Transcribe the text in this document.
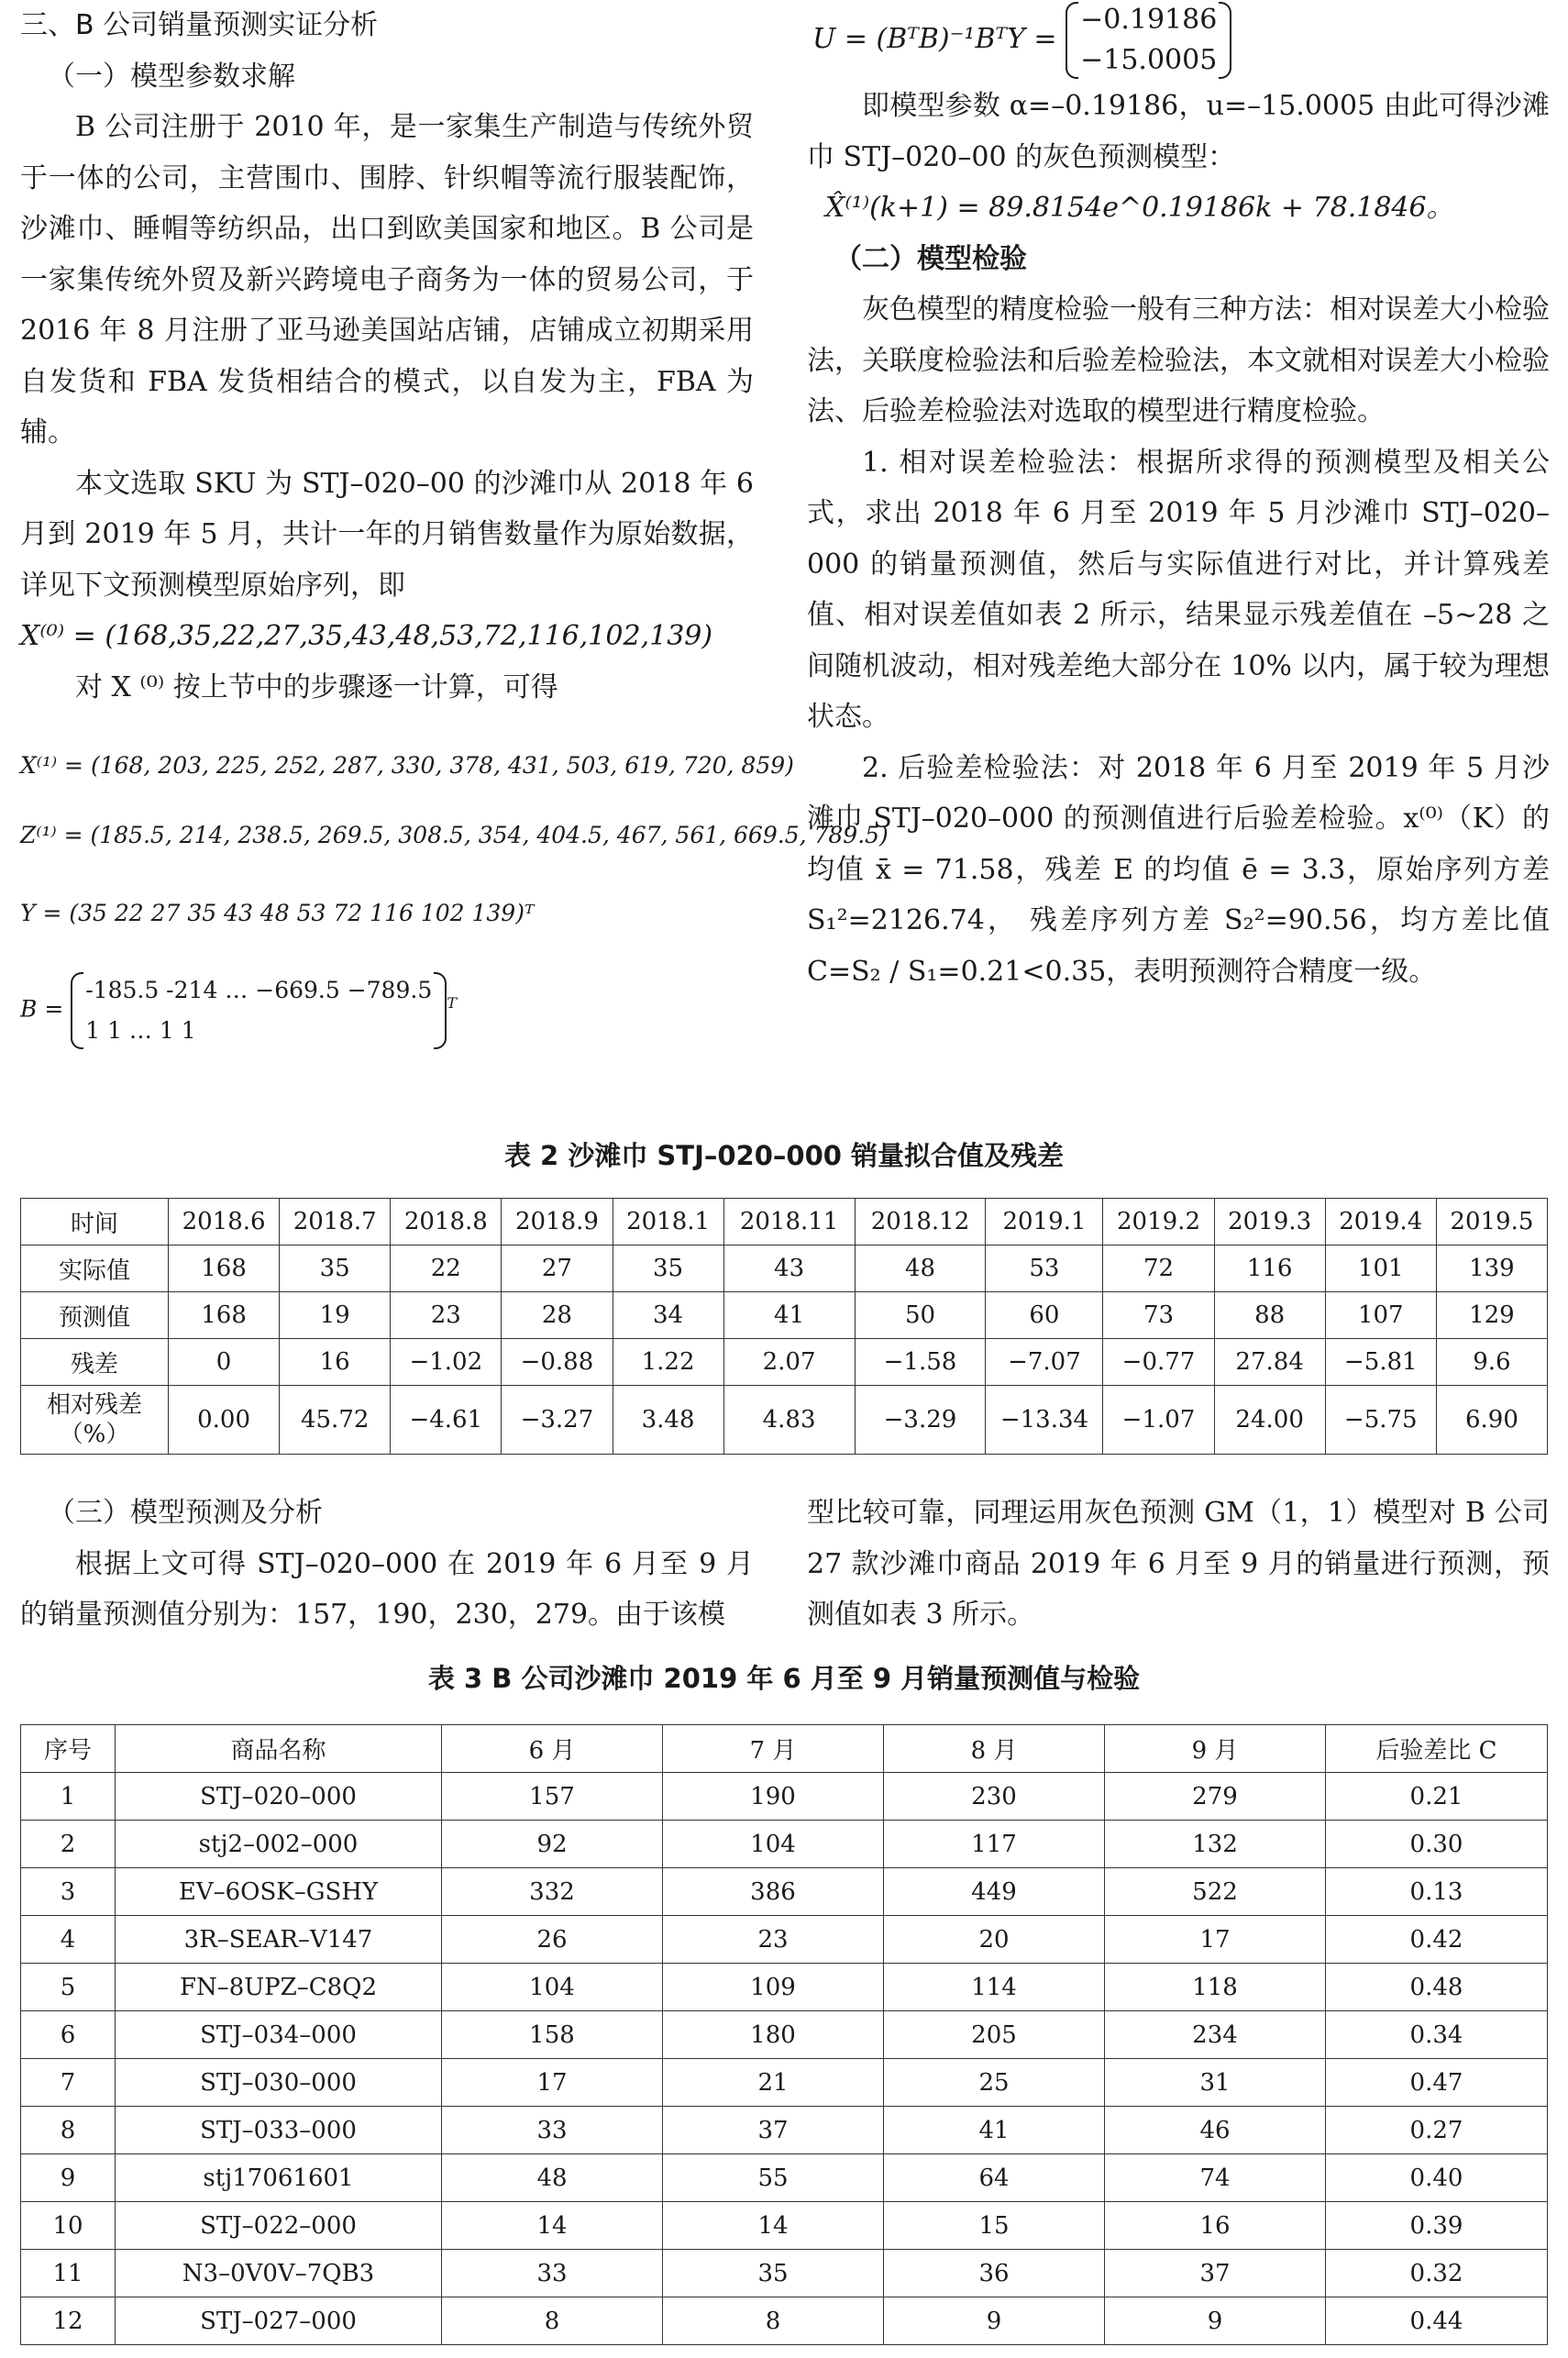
三、B 公司销量预测实证分析

（一）模型参数求解

B 公司注册于 2010 年，是一家集生产制造与传统外贸于一体的公司，主营围巾、围脖、针织帽等流行服装配饰，沙滩巾、睡帽等纺织品，出口到欧美国家和地区。B 公司是一家集传统外贸及新兴跨境电子商务为一体的贸易公司，于 2016 年 8 月注册了亚马逊美国站店铺，店铺成立初期采用自发货和 FBA 发货相结合的模式，以自发为主，FBA 为辅。

本文选取 SKU 为 STJ–020–00 的沙滩巾从 2018 年 6 月到 2019 年 5 月，共计一年的月销售数量作为原始数据，详见下文预测模型原始序列，即

X⁽⁰⁾ = (168,35,22,27,35,43,48,53,72,116,102,139)

对 X ⁽⁰⁾ 按上节中的步骤逐一计算，可得

X⁽¹⁾ = (168, 203, 225, 252, 287, 330, 378, 431, 503, 619, 720, 859)

Z⁽¹⁾ = (185.5, 214, 238.5, 269.5, 308.5, 354, 404.5, 467, 561, 669.5, 789.5)

Y = (35 22 27 35 43 48 53 72 116 102 139)ᵀ

B =
-185.5 -214 … −669.5 −789.5
1 1 … 1 1
$^T$

U = (BᵀB)⁻¹BᵀY =
−0.19186
−15.0005

即模型参数 α=–0.19186，u=–15.0005 由此可得沙滩巾 STJ–020–00 的灰色预测模型：

X̂⁽¹⁾(k+1) = 89.8154e^0.19186k + 78.1846。

（二）模型检验

灰色模型的精度检验一般有三种方法：相对误差大小检验法，关联度检验法和后验差检验法，本文就相对误差大小检验法、后验差检验法对选取的模型进行精度检验。

1. 相对误差检验法：根据所求得的预测模型及相关公式，求出 2018 年 6 月至 2019 年 5 月沙滩巾 STJ–020–000 的销量预测值，然后与实际值进行对比，并计算残差值、相对误差值如表 2 所示，结果显示残差值在 –5~28 之间随机波动，相对残差绝大部分在 10% 以内，属于较为理想状态。

2. 后验差检验法：对 2018 年 6 月至 2019 年 5 月沙滩巾 STJ–020–000 的预测值进行后验差检验。x⁽⁰⁾（K）的均值 x̄ = 71.58，残差 E 的均值 ē = 3.3，原始序列方差 S₁²=2126.74， 残差序列方差 S₂²=90.56，均方差比值 C=S₂ / S₁=0.21<0.35，表明预测符合精度一级。

表 2 沙滩巾 STJ–020–000 销量拟合值及残差
时间	2018.6	2018.7	2018.8	2018.9	2018.1	2018.11	2018.12	2019.1	2019.2	2019.3	2019.4	2019.5
实际值	168	35	22	27	35	43	48	53	72	116	101	139
预测值	168	19	23	28	34	41	50	60	73	88	107	129
残差	0	16	−1.02	−0.88	1.22	2.07	−1.58	−7.07	−0.77	27.84	−5.81	9.6
相对残差（%）	0.00	45.72	−4.61	−3.27	3.48	4.83	−3.29	−13.34	−1.07	24.00	−5.75	6.90

（三）模型预测及分析

根据上文可得 STJ–020–000 在 2019 年 6 月至 9 月的销量预测值分别为：157，190，230，279。由于该模

型比较可靠，同理运用灰色预测 GM（1，1）模型对 B 公司 27 款沙滩巾商品 2019 年 6 月至 9 月的销量进行预测，预测值如表 3 所示。

表 3 B 公司沙滩巾 2019 年 6 月至 9 月销量预测值与检验
序号	商品名称	6 月	7 月	8 月	9 月	后验差比 C
1	STJ–020–000	157	190	230	279	0.21
2	stj2–002–000	92	104	117	132	0.30
3	EV–6OSK–GSHY	332	386	449	522	0.13
4	3R–SEAR–V147	26	23	20	17	0.42
5	FN–8UPZ–C8Q2	104	109	114	118	0.48
6	STJ–034–000	158	180	205	234	0.34
7	STJ–030–000	17	21	25	31	0.47
8	STJ–033–000	33	37	41	46	0.27
9	stj17061601	48	55	64	74	0.40
10	STJ–022–000	14	14	15	16	0.39
11	N3–0V0V–7QB3	33	35	36	37	0.32
12	STJ–027–000	8	8	9	9	0.44
